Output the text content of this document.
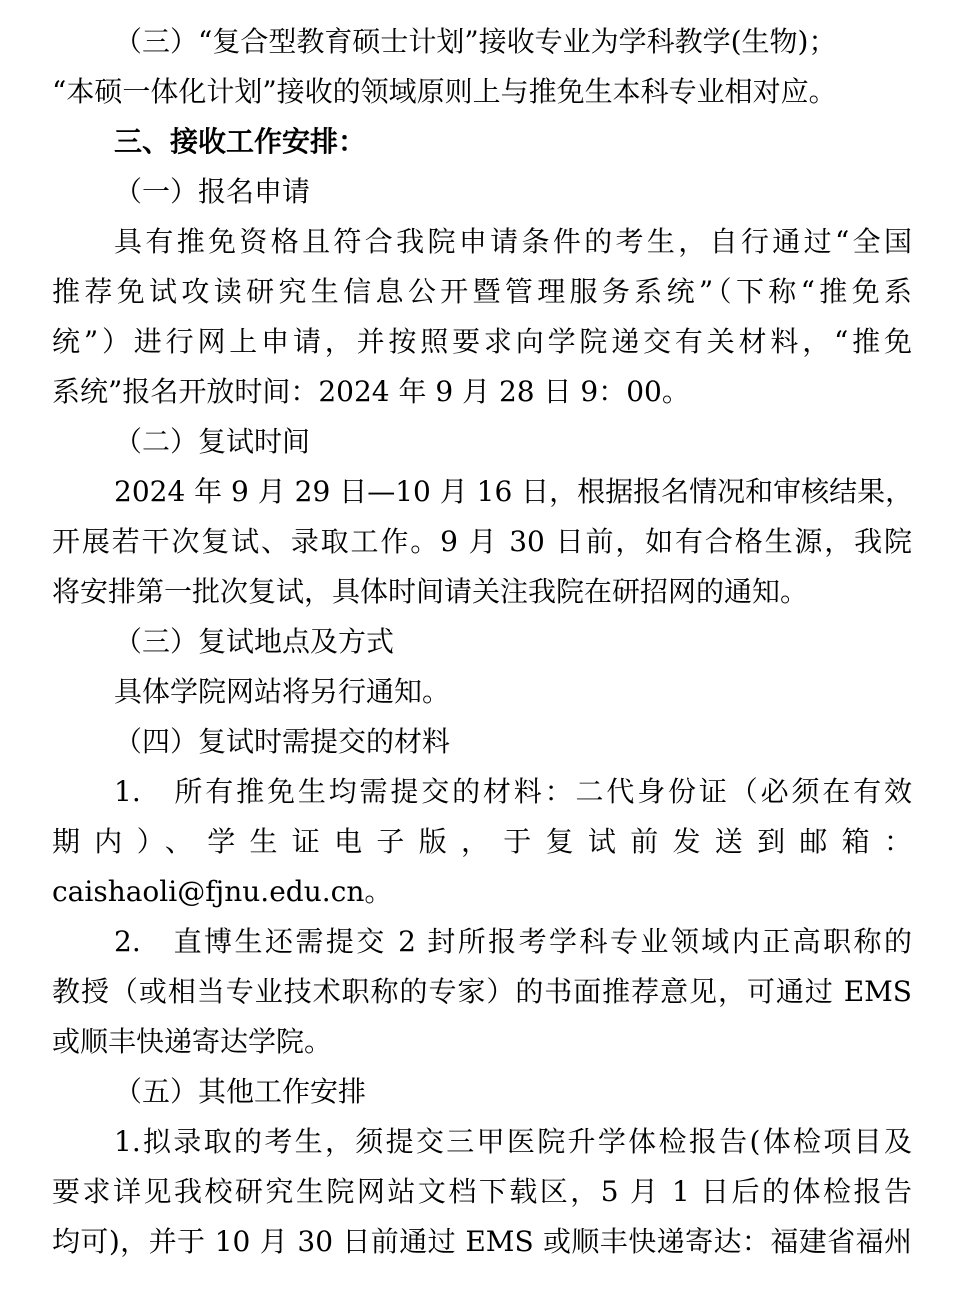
（三）“复合型教育硕士计划”接收专业为学科教学(生物)；
“本硕一体化计划”接收的领域原则上与推免生本科专业相对应。
三、接收工作安排：
（一）报名申请
具有推免资格且符合我院申请条件的考生，自行通过“全国
推荐免试攻读研究生信息公开暨管理服务系统”（下称“推免系
统”）进行网上申请，并按照要求向学院递交有关材料，“推免
系统”报名开放时间：2024 年 9 月 28 日 9：00。
（二）复试时间
2024 年 9 月 29 日—10 月 16 日，根据报名情况和审核结果，
开展若干次复试、录取工作。9 月 30 日前，如有合格生源，我院
将安排第一批次复试，具体时间请关注我院在研招网的通知。
（三）复试地点及方式
具体学院网站将另行通知。
（四）复试时需提交的材料
1.　所有推免生均需提交的材料：二代身份证（必须在有效
期内）、学生证电子版，于复试前发送到邮箱：
caishaoli@fjnu.edu.cn。
2.　直博生还需提交 2 封所报考学科专业领域内正高职称的
教授（或相当专业技术职称的专家）的书面推荐意见，可通过 EMS
或顺丰快递寄达学院。
（五）其他工作安排
1.拟录取的考生，须提交三甲医院升学体检报告(体检项目及
要求详见我校研究生院网站文档下载区，5 月 1 日后的体检报告
均可)，并于 10 月 30 日前通过 EMS 或顺丰快递寄达：福建省福州
